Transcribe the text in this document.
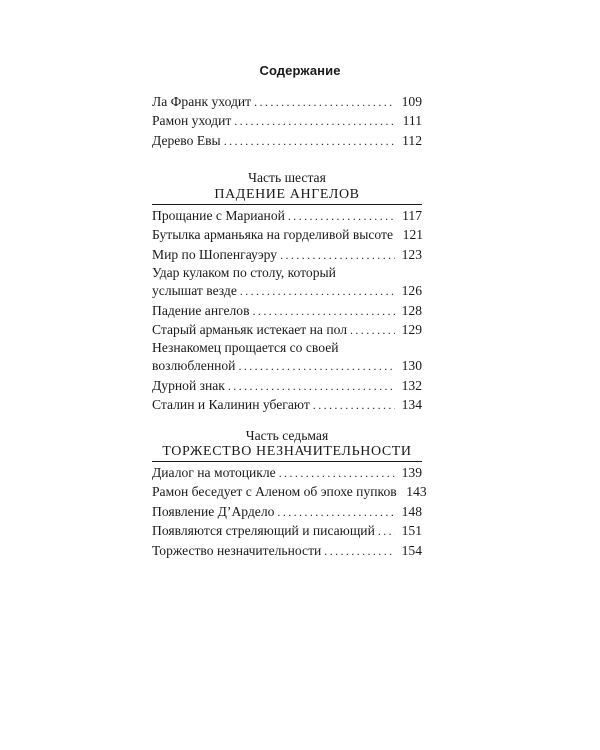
Содержание
Ла Франк уходит .....	109
Рамон уходит .....	111
Дерево Евы .....	112
Часть шестая
ПАДЕНИЕ АНГЕЛОВ
Прощание с Марианой .....	117
Бутылка арманьяка на горделивой высоте 121
Мир по Шопенгауэру .....	123
Удар кулаком по столу, который
услышат везде .....	126
Падение ангелов .....	128
Старый арманьяк истекает на пол .....	129
Незнакомец прощается со своей
возлюбленной .....	130
Дурной знак .....	132
Сталин и Калинин убегают .....	134
Часть седьмая
ТОРЖЕСТВО НЕЗНАЧИТЕЛЬНОСТИ
Диалог на мотоцикле .....	139
Рамон беседует с Аленом об эпохе пупков 143
Появление Д’Ардело .....	148
Появляются стреляющий и писающий ..... 151
Торжество незначительности .....	154
